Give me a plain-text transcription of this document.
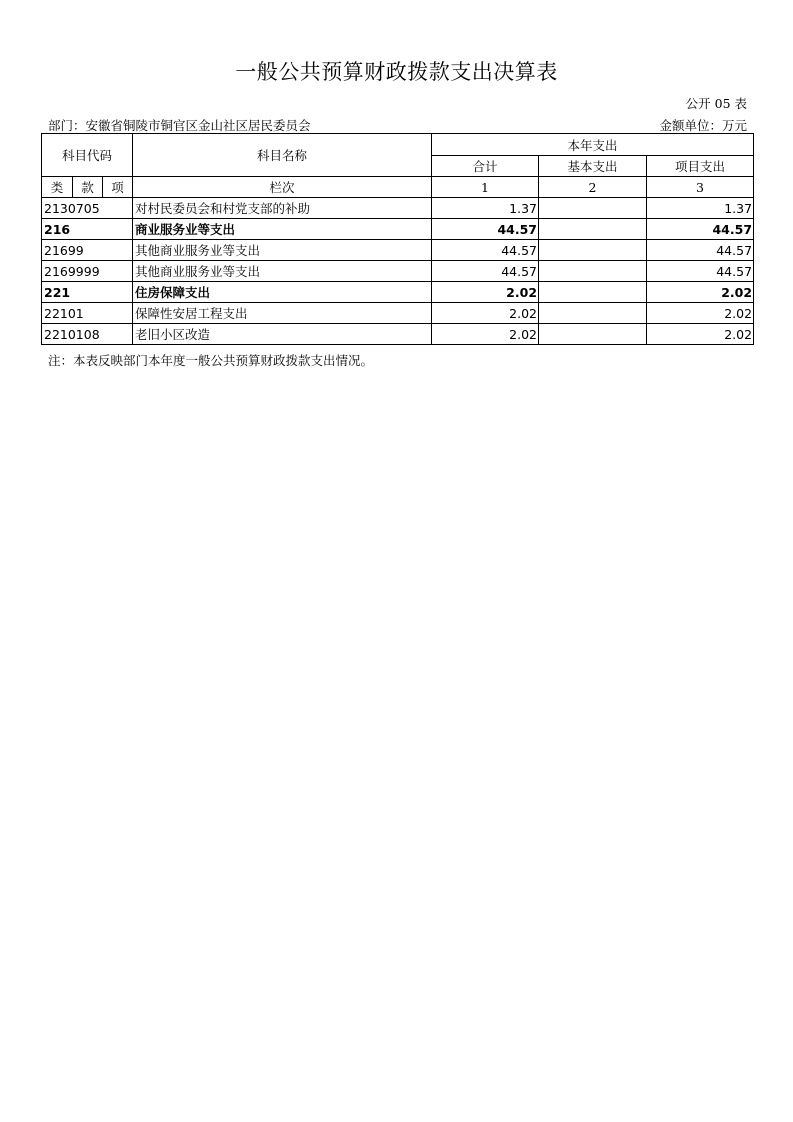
一般公共预算财政拨款支出决算表
公开 05 表
部门：安徽省铜陵市铜官区金山社区居民委员会	金额单位：万元
科目代码			科目名称	本年支出		
				合计	基本支出	项目支出
类	款	项	栏次	1	2	3
2130705			对村民委员会和村党支部的补助	1.37		1.37
216			商业服务业等支出	44.57		44.57
21699			其他商业服务业等支出	44.57		44.57
2169999			其他商业服务业等支出	44.57		44.57
221			住房保障支出	2.02		2.02
22101			保障性安居工程支出	2.02		2.02
2210108			老旧小区改造	2.02		2.02
注：本表反映部门本年度一般公共预算财政拨款支出情况。
